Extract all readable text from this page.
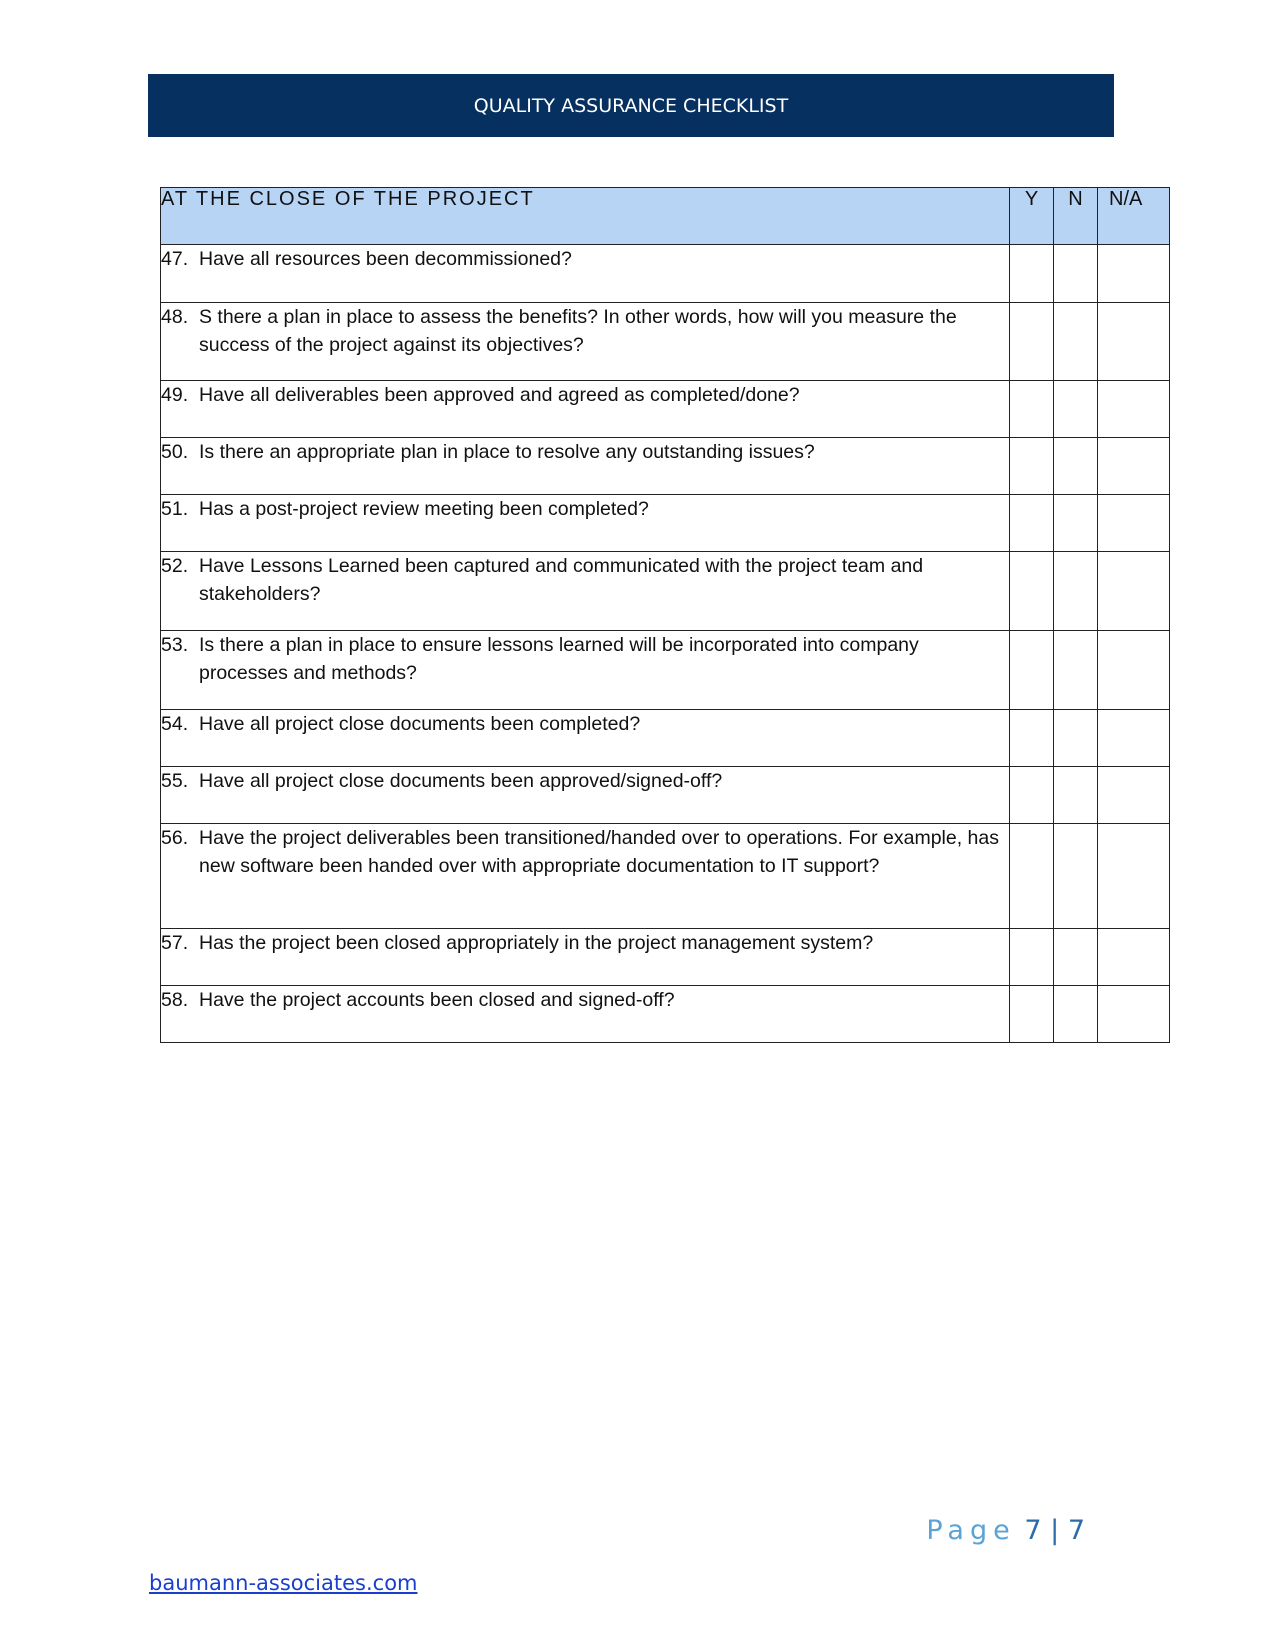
QUALITY ASSURANCE CHECKLIST
AT THE CLOSE OF THE PROJECT	Y	N	N/A

47. Have all resources been decommissioned?			

48. S there a plan in place to assess the benefits? In other words, how will you measure the success of the project against its objectives?			

49. Have all deliverables been approved and agreed as completed/done?			

50. Is there an appropriate plan in place to resolve any outstanding issues?			

51. Has a post-project review meeting been completed?			

52. Have Lessons Learned been captured and communicated with the project team and stakeholders?			

53. Is there a plan in place to ensure lessons learned will be incorporated into company processes and methods?			

54. Have all project close documents been completed?			

55. Have all project close documents been approved/signed-off?			

56. Have the project deliverables been transitioned/handed over to operations. For example, has new software been handed over with appropriate documentation to IT support?			

57. Has the project been closed appropriately in the project management system?			

58. Have the project accounts been closed and signed-off?			

Page 7 | 7
baumann-associates.com
